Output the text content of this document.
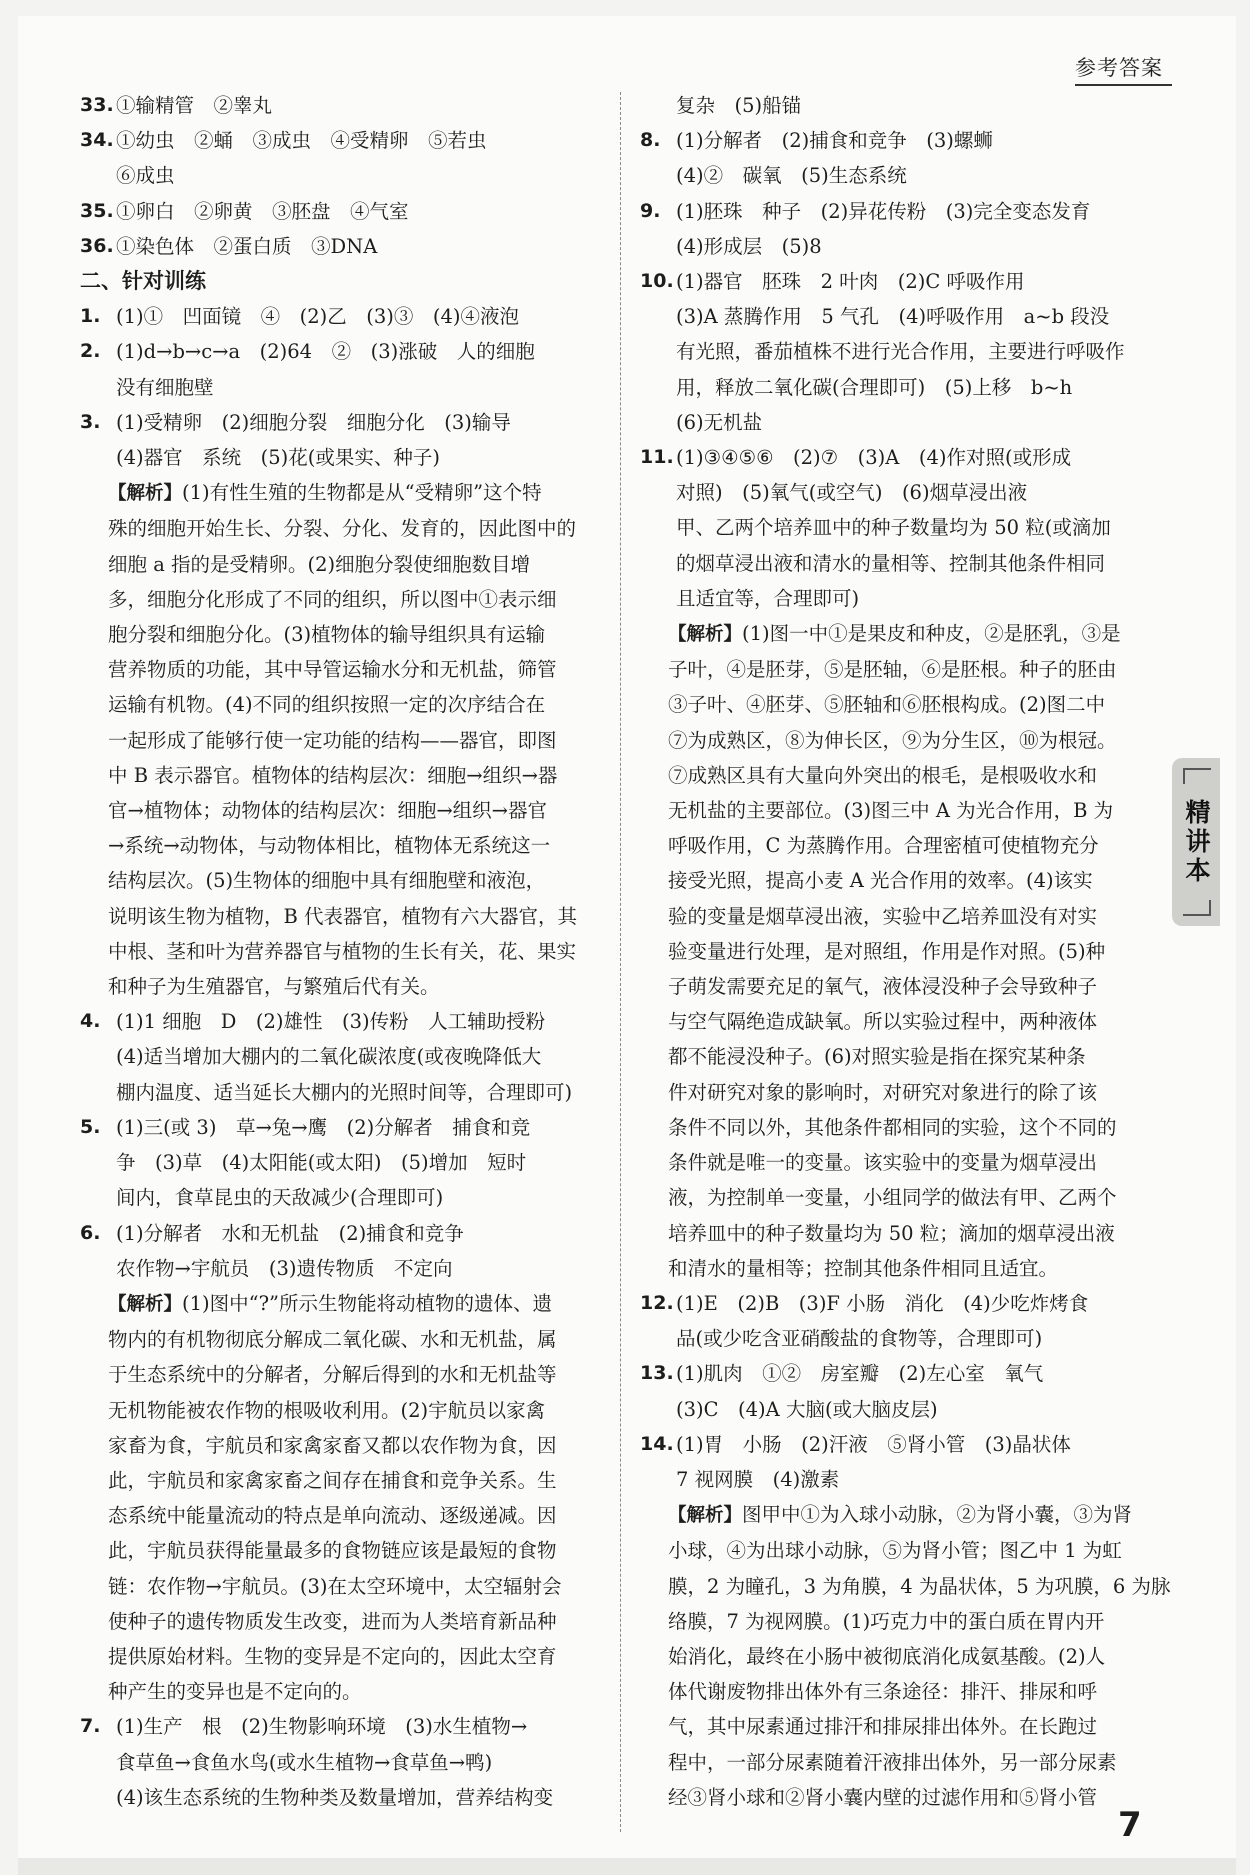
参考答案
33. ①输精管　②睾丸
34. ①幼虫　②蛹　③成虫　④受精卵　⑤若虫
⑥成虫
35. ①卵白　②卵黄　③胚盘　④气室
36. ①染色体　②蛋白质　③DNA
二、针对训练
1. (1)①　凹面镜　④　(2)乙　(3)③　(4)④液泡
2. (1)d→b→c→a　(2)64　②　(3)涨破　人的细胞
没有细胞壁
3. (1)受精卵　(2)细胞分裂　细胞分化　(3)输导
(4)器官　系统　(5)花(或果实、种子)
【解析】(1)有性生殖的生物都是从“受精卵”这个特
殊的细胞开始生长、分裂、分化、发育的，因此图中的
细胞 a 指的是受精卵。(2)细胞分裂使细胞数目增
多，细胞分化形成了不同的组织，所以图中①表示细
胞分裂和细胞分化。(3)植物体的输导组织具有运输
营养物质的功能，其中导管运输水分和无机盐，筛管
运输有机物。(4)不同的组织按照一定的次序结合在
一起形成了能够行使一定功能的结构——器官，即图
中 B 表示器官。植物体的结构层次：细胞→组织→器
官→植物体；动物体的结构层次：细胞→组织→器官
→系统→动物体，与动物体相比，植物体无系统这一
结构层次。(5)生物体的细胞中具有细胞壁和液泡，
说明该生物为植物，B 代表器官，植物有六大器官，其
中根、茎和叶为营养器官与植物的生长有关，花、果实
和种子为生殖器官，与繁殖后代有关。
4. (1)1 细胞　D　(2)雄性　(3)传粉　人工辅助授粉
(4)适当增加大棚内的二氧化碳浓度(或夜晚降低大
棚内温度、适当延长大棚内的光照时间等，合理即可)
5. (1)三(或 3)　草→兔→鹰　(2)分解者　捕食和竞
争　(3)草　(4)太阳能(或太阳)　(5)增加　短时
间内，食草昆虫的天敌减少(合理即可)
6. (1)分解者　水和无机盐　(2)捕食和竞争
农作物→宇航员　(3)遗传物质　不定向
【解析】(1)图中“?”所示生物能将动植物的遗体、遗
物内的有机物彻底分解成二氧化碳、水和无机盐，属
于生态系统中的分解者，分解后得到的水和无机盐等
无机物能被农作物的根吸收利用。(2)宇航员以家禽
家畜为食，宇航员和家禽家畜又都以农作物为食，因
此，宇航员和家禽家畜之间存在捕食和竞争关系。生
态系统中能量流动的特点是单向流动、逐级递减。因
此，宇航员获得能量最多的食物链应该是最短的食物
链：农作物→宇航员。(3)在太空环境中，太空辐射会
使种子的遗传物质发生改变，进而为人类培育新品种
提供原始材料。生物的变异是不定向的，因此太空育
种产生的变异也是不定向的。
7. (1)生产　根　(2)生物影响环境　(3)水生植物→
食草鱼→食鱼水鸟(或水生植物→食草鱼→鸭)
(4)该生态系统的生物种类及数量增加，营养结构变
复杂　(5)船锚
8. (1)分解者　(2)捕食和竞争　(3)螺蛳
(4)②　碳氧　(5)生态系统
9. (1)胚珠　种子　(2)异花传粉　(3)完全变态发育
(4)形成层　(5)8
10. (1)器官　胚珠　2 叶肉　(2)C 呼吸作用
(3)A 蒸腾作用　5 气孔　(4)呼吸作用　a~b 段没
有光照，番茄植株不进行光合作用，主要进行呼吸作
用，释放二氧化碳(合理即可)　(5)上移　b~h
(6)无机盐
11. (1)③④⑤⑥　(2)⑦　(3)A　(4)作对照(或形成
对照)　(5)氧气(或空气)　(6)烟草浸出液
甲、乙两个培养皿中的种子数量均为 50 粒(或滴加
的烟草浸出液和清水的量相等、控制其他条件相同
且适宜等，合理即可)
【解析】(1)图一中①是果皮和种皮，②是胚乳，③是
子叶，④是胚芽，⑤是胚轴，⑥是胚根。种子的胚由
③子叶、④胚芽、⑤胚轴和⑥胚根构成。(2)图二中
⑦为成熟区，⑧为伸长区，⑨为分生区，⑩为根冠。
⑦成熟区具有大量向外突出的根毛，是根吸收水和
无机盐的主要部位。(3)图三中 A 为光合作用，B 为
呼吸作用，C 为蒸腾作用。合理密植可使植物充分
接受光照，提高小麦 A 光合作用的效率。(4)该实
验的变量是烟草浸出液，实验中乙培养皿没有对实
验变量进行处理，是对照组，作用是作对照。(5)种
子萌发需要充足的氧气，液体浸没种子会导致种子
与空气隔绝造成缺氧。所以实验过程中，两种液体
都不能浸没种子。(6)对照实验是指在探究某种条
件对研究对象的影响时，对研究对象进行的除了该
条件不同以外，其他条件都相同的实验，这个不同的
条件就是唯一的变量。该实验中的变量为烟草浸出
液，为控制单一变量，小组同学的做法有甲、乙两个
培养皿中的种子数量均为 50 粒；滴加的烟草浸出液
和清水的量相等；控制其他条件相同且适宜。
12. (1)E　(2)B　(3)F 小肠　消化　(4)少吃炸烤食
品(或少吃含亚硝酸盐的食物等，合理即可)
13. (1)肌肉　①②　房室瓣　(2)左心室　氧气
(3)C　(4)A 大脑(或大脑皮层)
14. (1)胃　小肠　(2)汗液　⑤肾小管　(3)晶状体
7 视网膜　(4)激素
【解析】图甲中①为入球小动脉，②为肾小囊，③为肾
小球，④为出球小动脉，⑤为肾小管；图乙中 1 为虹
膜，2 为瞳孔，3 为角膜，4 为晶状体，5 为巩膜，6 为脉
络膜，7 为视网膜。(1)巧克力中的蛋白质在胃内开
始消化，最终在小肠中被彻底消化成氨基酸。(2)人
体代谢废物排出体外有三条途径：排汗、排尿和呼
气，其中尿素通过排汗和排尿排出体外。在长跑过
程中，一部分尿素随着汗液排出体外，另一部分尿素
经③肾小球和②肾小囊内壁的过滤作用和⑤肾小管
精讲本
7
